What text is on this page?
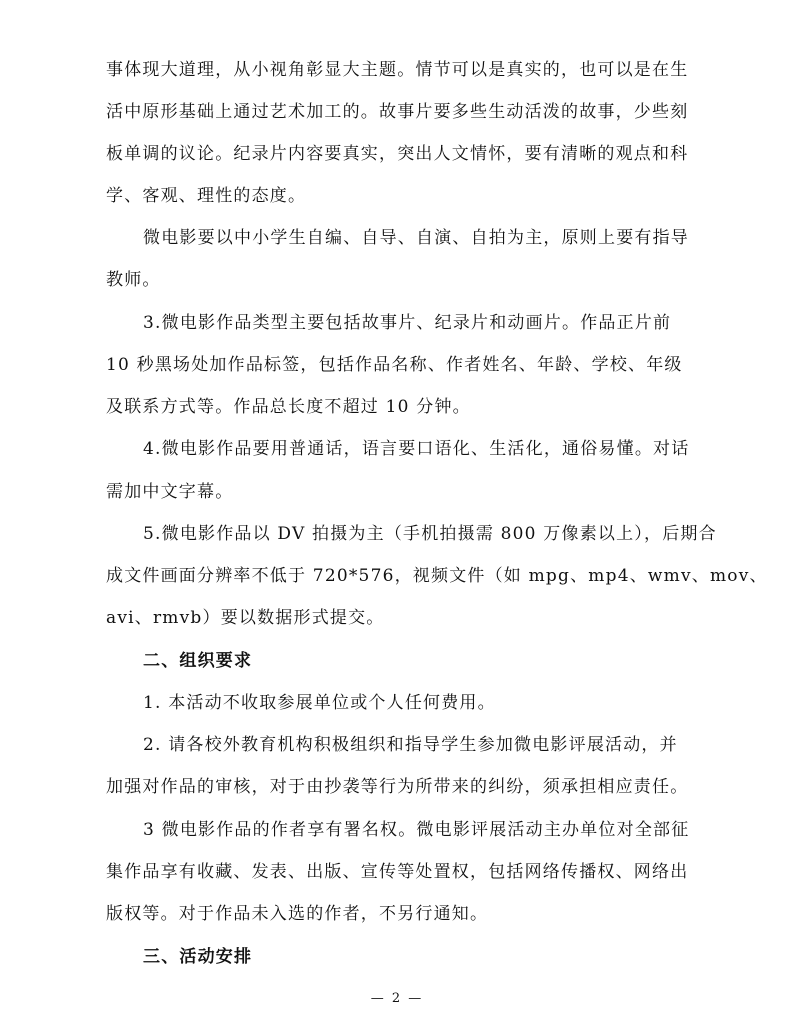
事体现大道理，从小视角彰显大主题。情节可以是真实的，也可以是在生
活中原形基础上通过艺术加工的。故事片要多些生动活泼的故事，少些刻
板单调的议论。纪录片内容要真实，突出人文情怀，要有清晰的观点和科
学、客观、理性的态度。
微电影要以中小学生自编、自导、自演、自拍为主，原则上要有指导
教师。
3.微电影作品类型主要包括故事片、纪录片和动画片。作品正片前
10 秒黑场处加作品标签，包括作品名称、作者姓名、年龄、学校、年级
及联系方式等。作品总长度不超过 10 分钟。
4.微电影作品要用普通话，语言要口语化、生活化，通俗易懂。对话
需加中文字幕。
5.微电影作品以 DV 拍摄为主（手机拍摄需 800 万像素以上），后期合
成文件画面分辨率不低于 720*576，视频文件（如 mpg、mp4、wmv、mov、
avi、rmvb）要以数据形式提交。
二、组织要求
1. 本活动不收取参展单位或个人任何费用。
2. 请各校外教育机构积极组织和指导学生参加微电影评展活动，并
加强对作品的审核，对于由抄袭等行为所带来的纠纷，须承担相应责任。
3 微电影作品的作者享有署名权。微电影评展活动主办单位对全部征
集作品享有收藏、发表、出版、宣传等处置权，包括网络传播权、网络出
版权等。对于作品未入选的作者，不另行通知。
三、活动安排
— 2 —
